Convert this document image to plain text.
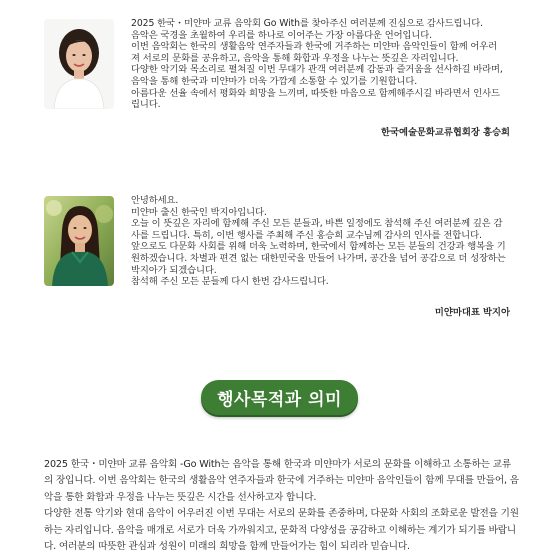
2025 한국・미얀마 교류 음악회 Go With를 찾아주신 여러분께 진심으로 감사드립니다.

음악은 국경을 초월하여 우리를 하나로 이어주는 가장 아름다운 언어입니다.

이번 음악회는 한국의 생활음악 연주자들과 한국에 거주하는 미얀마 음악인들이 함께 어우러

져 서로의 문화를 공유하고, 음악을 통해 화합과 우정을 나누는 뜻깊은 자리입니다.

다양한 악기와 목소리로 펼쳐질 이번 무대가 관객 여러분께 감동과 즐거움을 선사하길 바라며,

음악을 통해 한국과 미얀마가 더욱 가깝게 소통할 수 있기를 기원합니다.

아름다운 선율 속에서 평화와 희망을 느끼며, 따뜻한 마음으로 함께해주시길 바라면서 인사드

립니다.

한국예술문화교류협회장 홍승희

안녕하세요.

미얀마 출신 한국인 박지아입니다.

오늘 이 뜻깊은 자리에 함께해 주신 모든 분들과, 바쁜 일정에도 참석해 주신 여러분께 깊은 감

사를 드립니다. 특히, 이번 행사를 주최해 주신 홍승희 교수님께 감사의 인사를 전합니다.

앞으로도 다문화 사회를 위해 더욱 노력하며, 한국에서 함께하는 모든 분들의 건강과 행복을 기

원하겠습니다. 차별과 편견 없는 대한민국을 만들어 나가며, 공간을 넘어 공감으로 더 성장하는

박지아가 되겠습니다.

참석해 주신 모든 분들께 다시 한번 감사드립니다.

미얀마대표 박지아
행사목적과 의미

2025 한국・미얀마 교류 음악회 -Go With는 음악을 통해 한국과 미얀마가 서로의 문화를 이해하고 소통하는 교류

의 장입니다. 이번 음악회는 한국의 생활음악 연주자들과 한국에 거주하는 미얀마 음악인들이 함께 무대를 만들어, 음

악을 통한 화합과 우정을 나누는 뜻깊은 시간을 선사하고자 합니다.

다양한 전통 악기와 현대 음악이 어우러진 이번 무대는 서로의 문화를 존중하며, 다문화 사회의 조화로운 발전을 기원

하는 자리입니다. 음악을 매개로 서로가 더욱 가까워지고, 문화적 다양성을 공감하고 이해하는 계기가 되기를 바랍니

다. 여러분의 따뜻한 관심과 성원이 미래의 희망을 함께 만들어가는 힘이 되리라 믿습니다.
